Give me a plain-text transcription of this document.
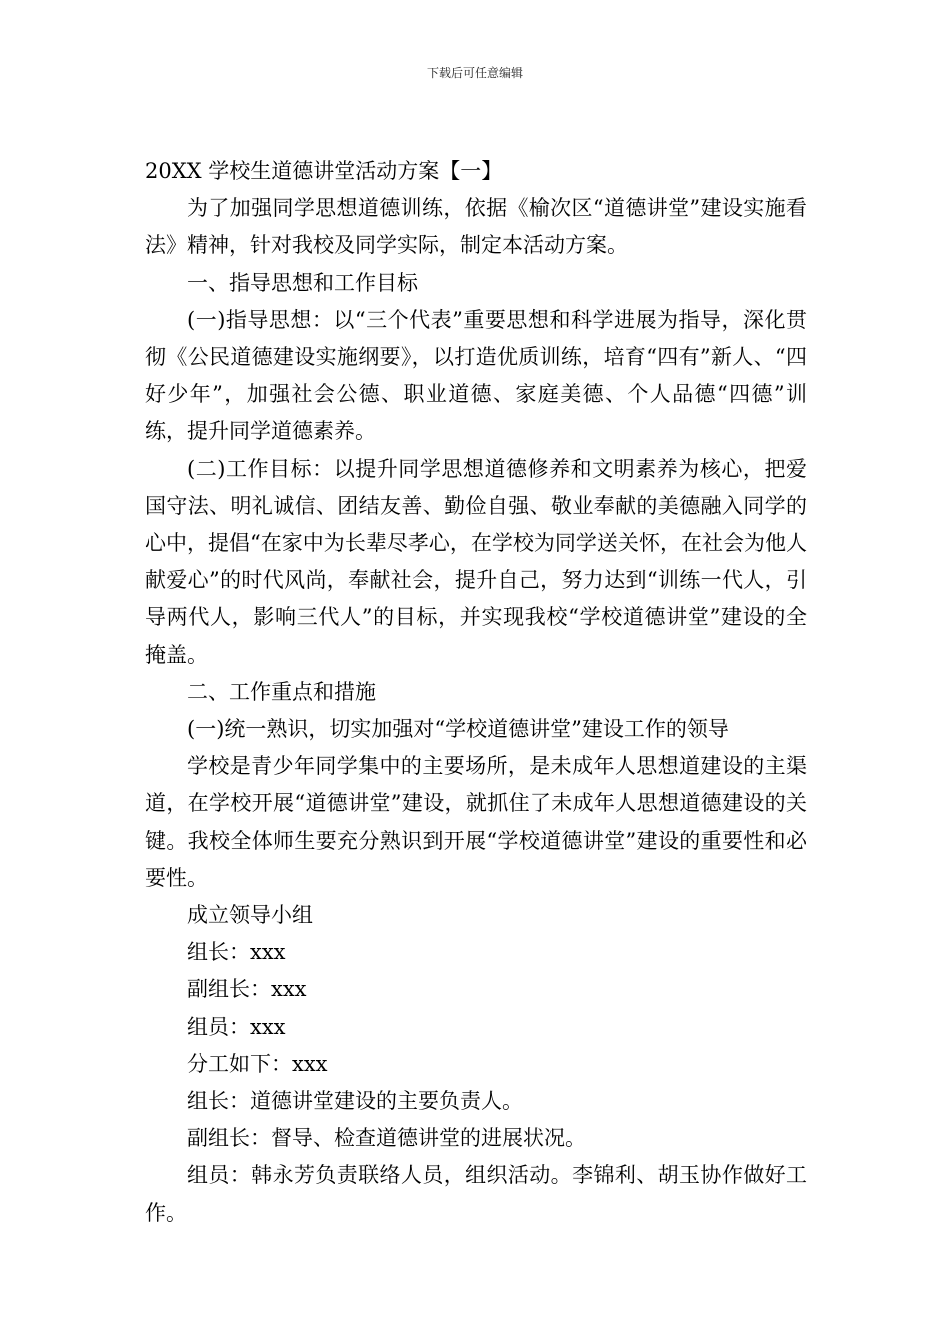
下载后可任意编辑

20XX 学校生道德讲堂活动方案【一】

为了加强同学思想道德训练，依据《榆次区“道德讲堂”建设实施看法》精神，针对我校及同学实际，制定本活动方案。

一、指导思想和工作目标

(一)指导思想：以“三个代表”重要思想和科学进展为指导，深化贯彻《公民道德建设实施纲要》，以打造优质训练，培育“四有”新人、“四好少年”，加强社会公德、职业道德、家庭美德、个人品德“四德”训练，提升同学道德素养。

(二)工作目标：以提升同学思想道德修养和文明素养为核心，把爱国守法、明礼诚信、团结友善、勤俭自强、敬业奉献的美德融入同学的心中，提倡“在家中为长辈尽孝心，在学校为同学送关怀，在社会为他人献爱心”的时代风尚，奉献社会，提升自己，努力达到“训练一代人，引导两代人，影响三代人”的目标，并实现我校“学校道德讲堂”建设的全掩盖。

二、工作重点和措施

(一)统一熟识，切实加强对“学校道德讲堂”建设工作的领导

学校是青少年同学集中的主要场所，是未成年人思想道建设的主渠道，在学校开展“道德讲堂”建设，就抓住了未成年人思想道德建设的关键。我校全体师生要充分熟识到开展“学校道德讲堂”建设的重要性和必要性。

成立领导小组

组长：xxx

副组长：xxx

组员：xxx

分工如下：xxx

组长：道德讲堂建设的主要负责人。

副组长：督导、检查道德讲堂的进展状况。

组员：韩永芳负责联络人员，组织活动。李锦利、胡玉协作做好工作。
